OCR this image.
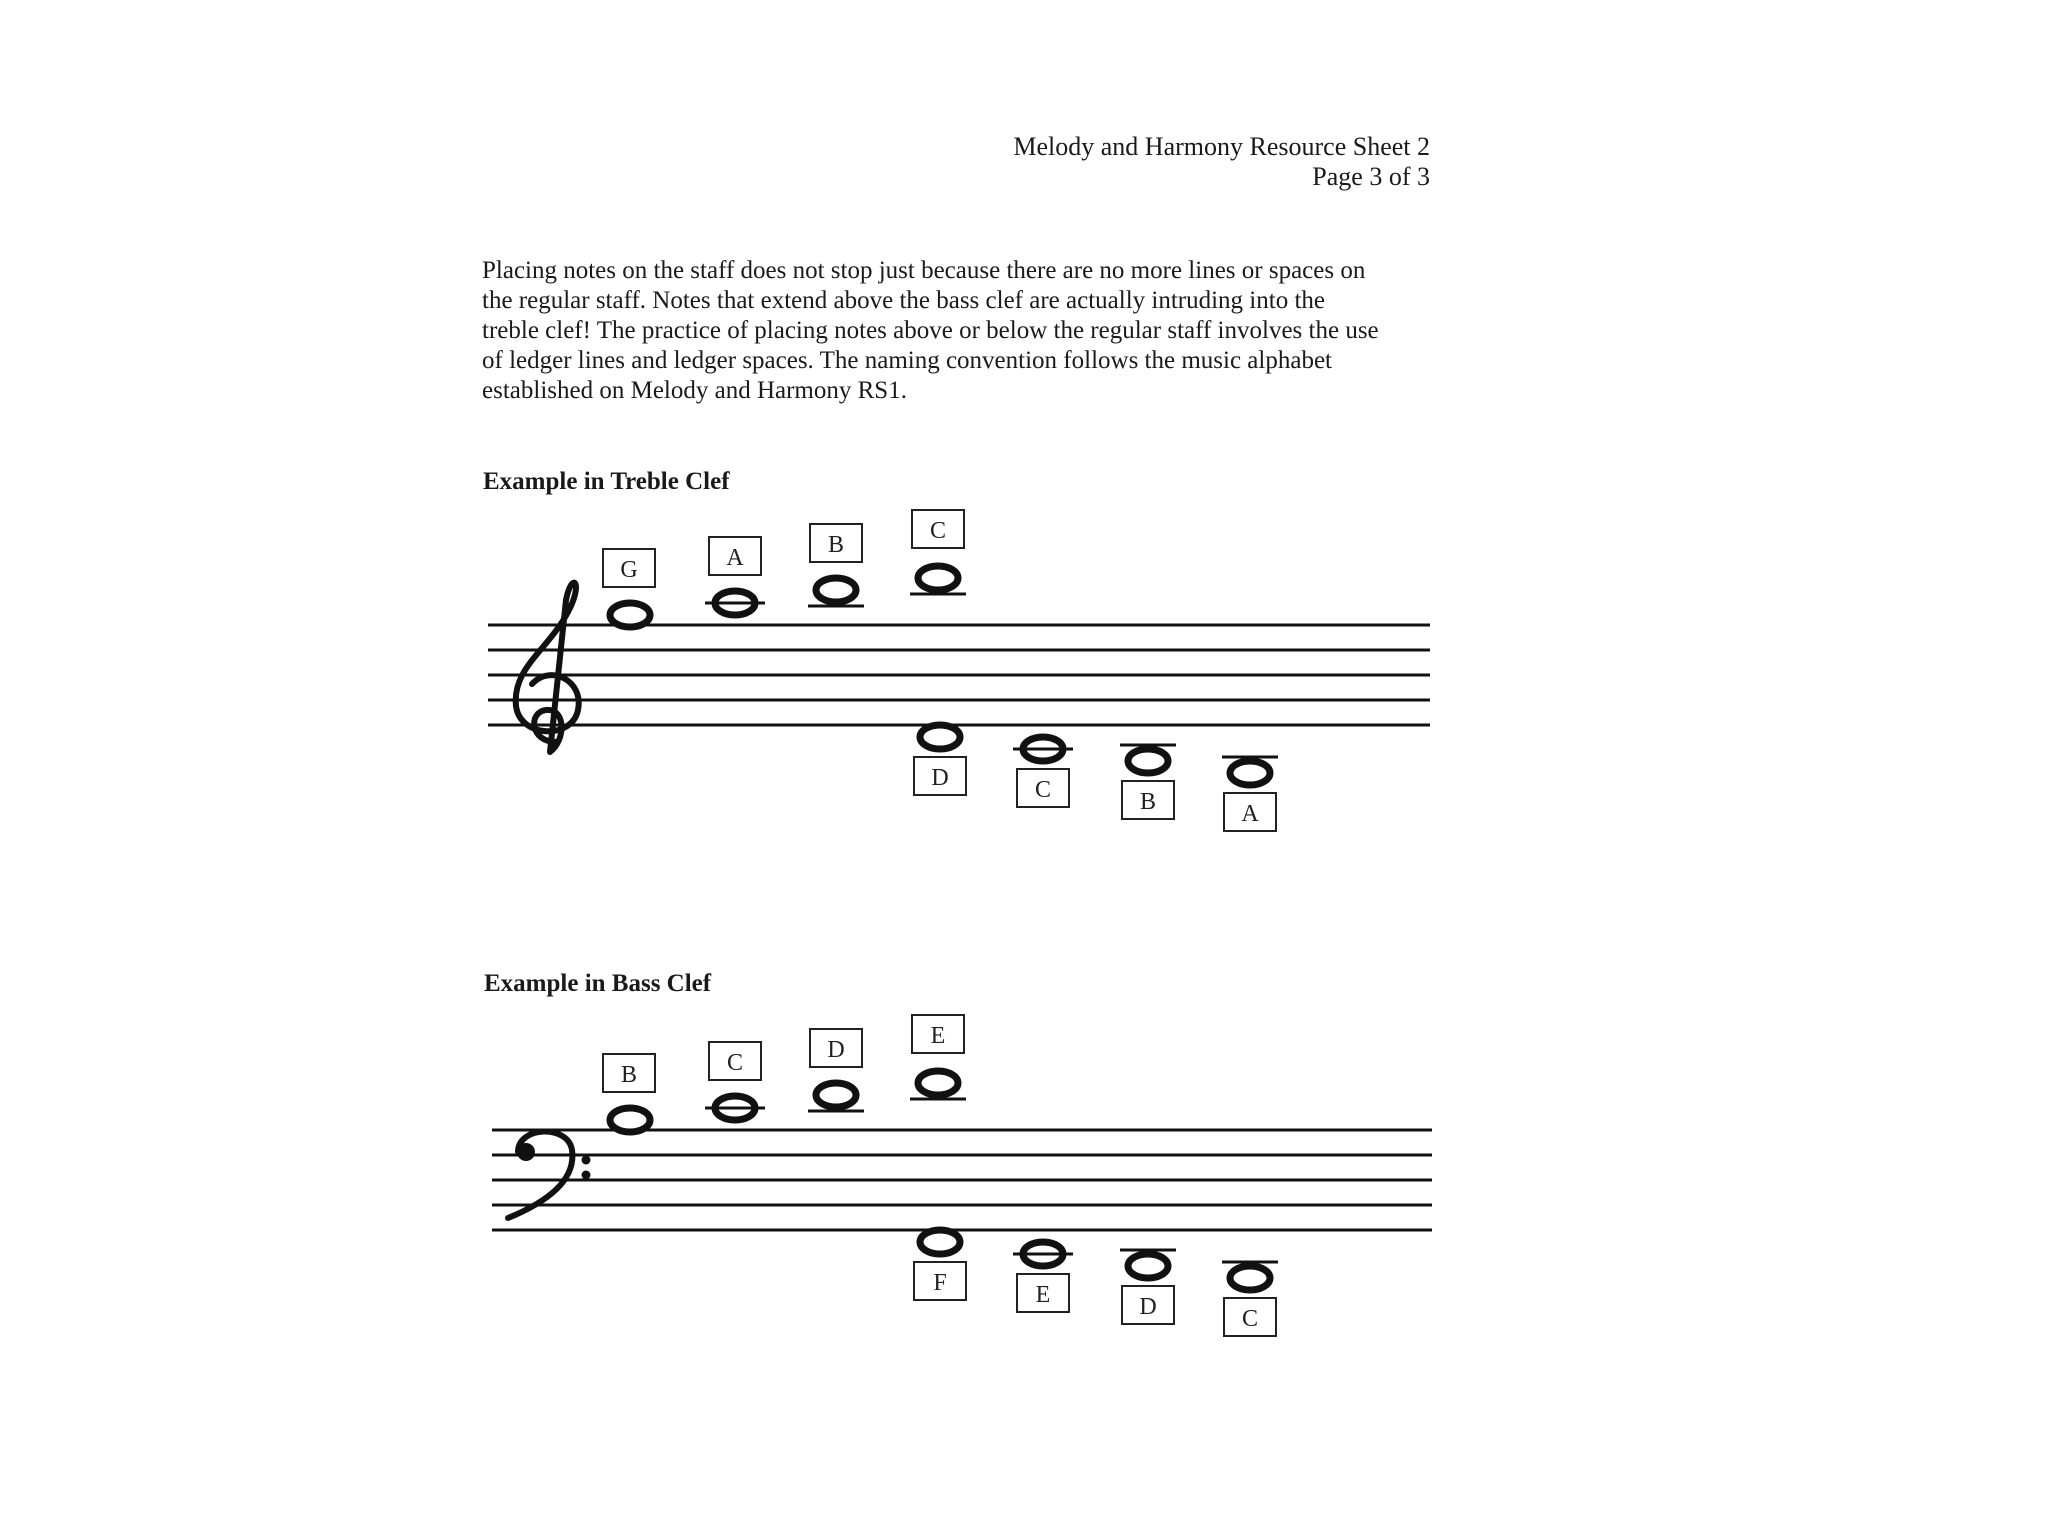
Melody and Harmony Resource Sheet 2
Page 3 of 3

Placing notes on the staff does not stop just because there are no more lines or spaces on

the regular staff. Notes that extend above the bass clef are actually intruding into the

treble clef! The practice of placing notes above or below the regular staff involves the use

of ledger lines and ledger spaces. The naming convention follows the music alphabet

established on Melody and Harmony RS1.

Example in Treble Clef
Example in Bass Clef
G	A	B
C
D	C	B	A
B	C	D
E
F	E	D	C
